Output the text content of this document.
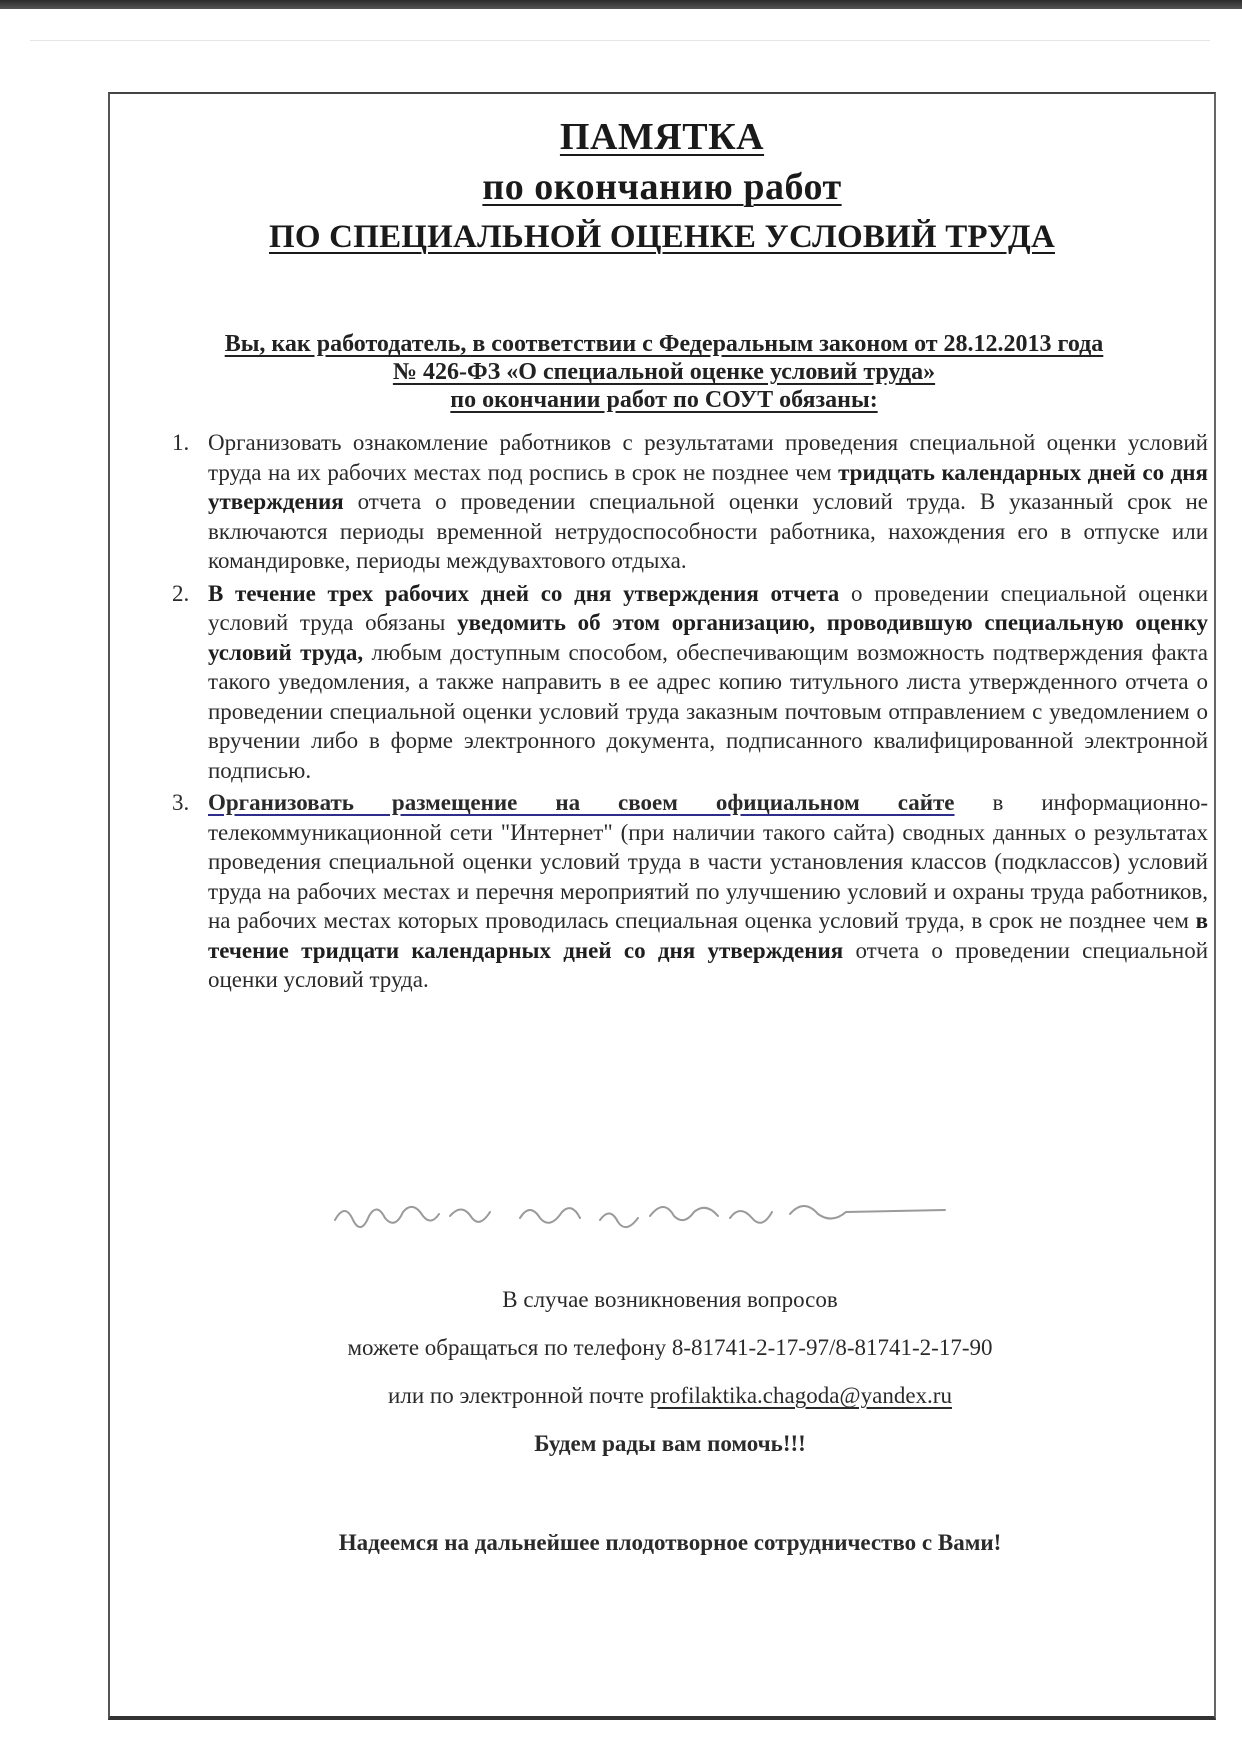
ПАМЯТКА
по окончанию работ
ПО СПЕЦИАЛЬНОЙ ОЦЕНКЕ УСЛОВИЙ ТРУДА
Вы, как работодатель, в соответствии с Федеральным законом от 28.12.2013 года
№ 426-ФЗ «О специальной оценке условий труда»
по окончании работ по СОУТ обязаны:
1. Организовать ознакомление работников с результатами проведения специальной оценки условий труда на их рабочих местах под роспись в срок не позднее чем тридцать календарных дней со дня утверждения отчета о проведении специальной оценки условий труда. В указанный срок не включаются периоды временной нетрудоспособности работника, нахождения его в отпуске или командировке, периоды междувахтового отдыха.
2. В течение трех рабочих дней со дня утверждения отчета о проведении специальной оценки условий труда обязаны уведомить об этом организацию, проводившую специальную оценку условий труда, любым доступным способом, обеспечивающим возможность подтверждения факта такого уведомления, а также направить в ее адрес копию титульного листа утвержденного отчета о проведении специальной оценки условий труда заказным почтовым отправлением с уведомлением о вручении либо в форме электронного документа, подписанного квалифицированной электронной подписью.
3. Организовать размещение на своем официальном сайте в информационно-телекоммуникационной сети "Интернет" (при наличии такого сайта) сводных данных о результатах проведения специальной оценки условий труда в части установления классов (подклассов) условий труда на рабочих местах и перечня мероприятий по улучшению условий и охраны труда работников, на рабочих местах которых проводилась специальная оценка условий труда, в срок не позднее чем в течение тридцати календарных дней со дня утверждения отчета о проведении специальной оценки условий труда.
В случае возникновения вопросов
можете обращаться по телефону 8-81741-2-17-97/8-81741-2-17-90
или по электронной почте profilaktika.chagoda@yandex.ru
Будем рады вам помочь!!!
Надеемся на дальнейшее плодотворное сотрудничество с Вами!
